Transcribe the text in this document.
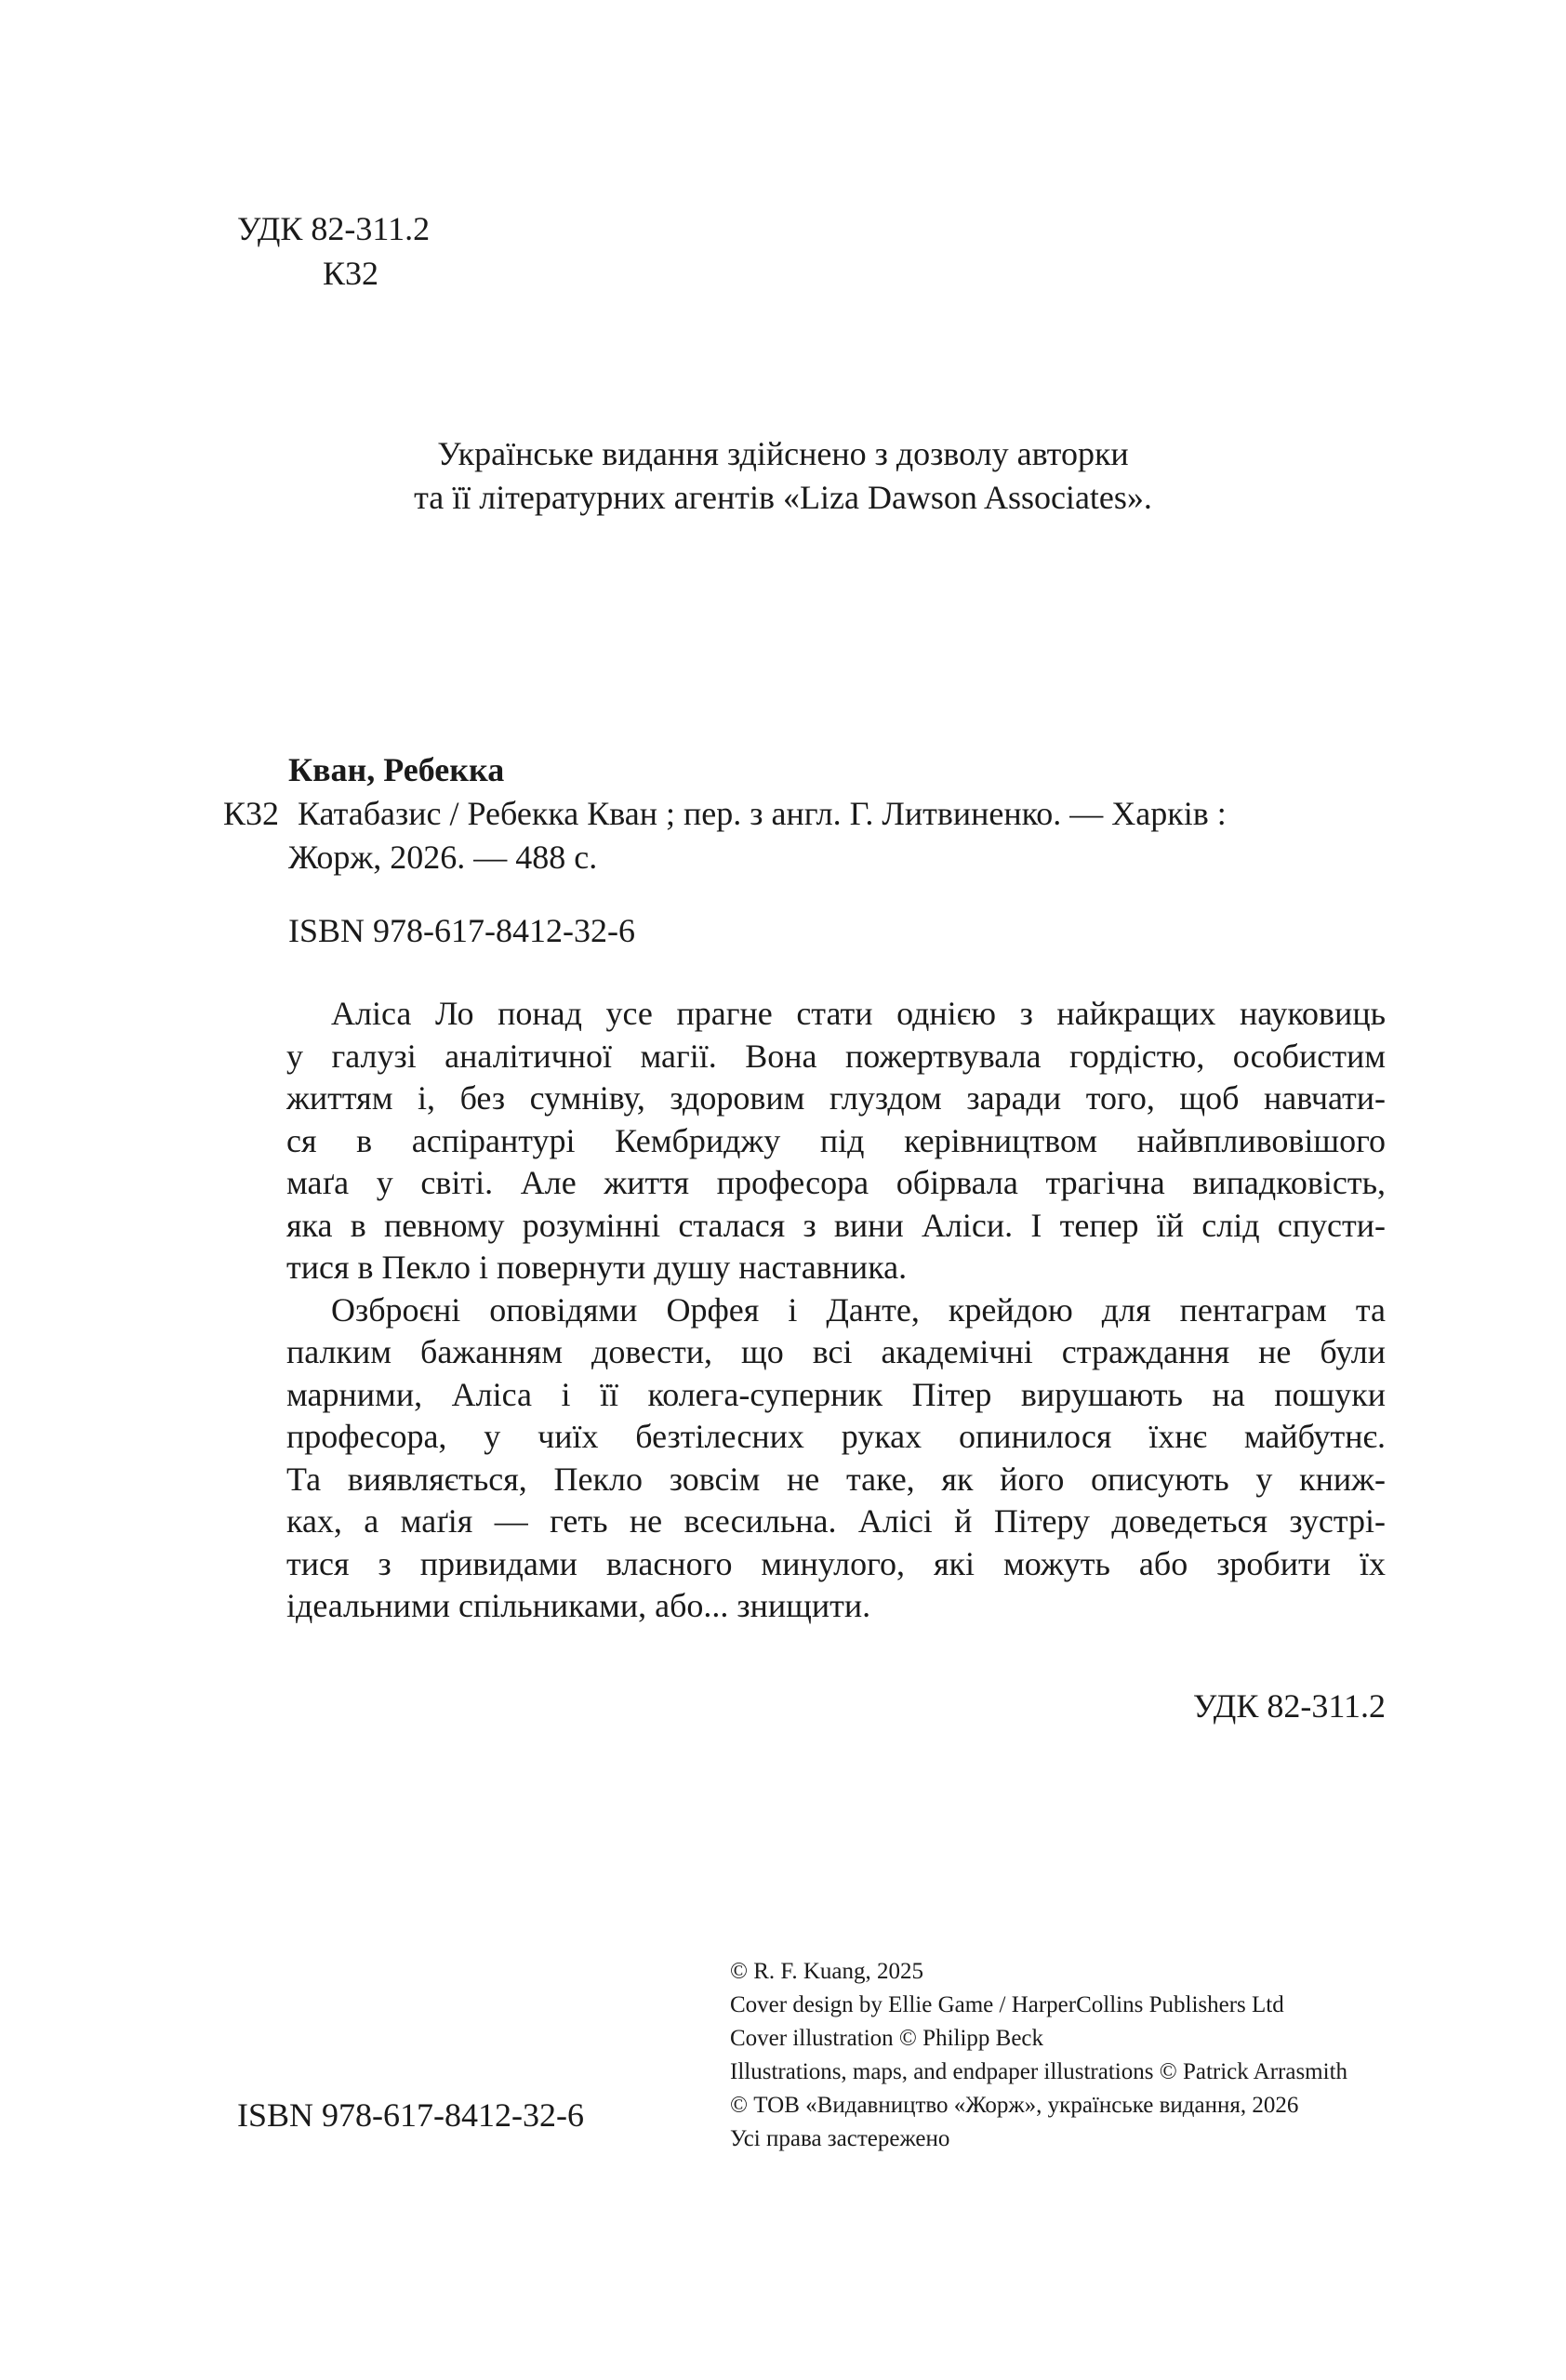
УДК 82-311.2
К32
Українське видання здійснено з дозволу авторки
та її літературних агентів «Liza Dawson Associates».
Кван, Ребекка
К32 Катабазис / Ребекка Кван ; пер. з англ. Г. Литвиненко. — Харків :
Жорж, 2026. — 488 с.
ISBN 978-617-8412-32-6
Аліса Ло понад усе прагне стати однією з найкращих науковиць
у галузі аналітичної магії. Вона пожертвувала гордістю, особистим
життям і, без сумніву, здоровим глуздом заради того, щоб навчати-
ся в аспірантурі Кембриджу під керівництвом найвпливовішого
маґа у світі. Але життя професора обірвала трагічна випадковість,
яка в певному розумінні сталася з вини Аліси. І тепер їй слід спусти-
тися в Пекло і повернути душу наставника.
Озброєні оповідями Орфея і Данте, крейдою для пентаграм та
палким бажанням довести, що всі академічні страждання не були
марними, Аліса і її колега-суперник Пітер вирушають на пошуки
професора, у чиїх безтілесних руках опинилося їхнє майбутнє.
Та виявляється, Пекло зовсім не таке, як його описують у книж-
ках, а маґія — геть не всесильна. Алісі й Пітеру доведеться зустрі-
тися з привидами власного минулого, які можуть або зробити їх
ідеальними спільниками, або... знищити.
УДК 82-311.2
© R. F. Kuang, 2025
Cover design by Ellie Game / HarperCollins Publishers Ltd
Cover illustration © Philipp Beck
Illustrations, maps, and endpaper illustrations © Patrick Arrasmith
© ТОВ «Видавництво «Жорж», українське видання, 2026
Усі права застережено
ISBN 978-617-8412-32-6
